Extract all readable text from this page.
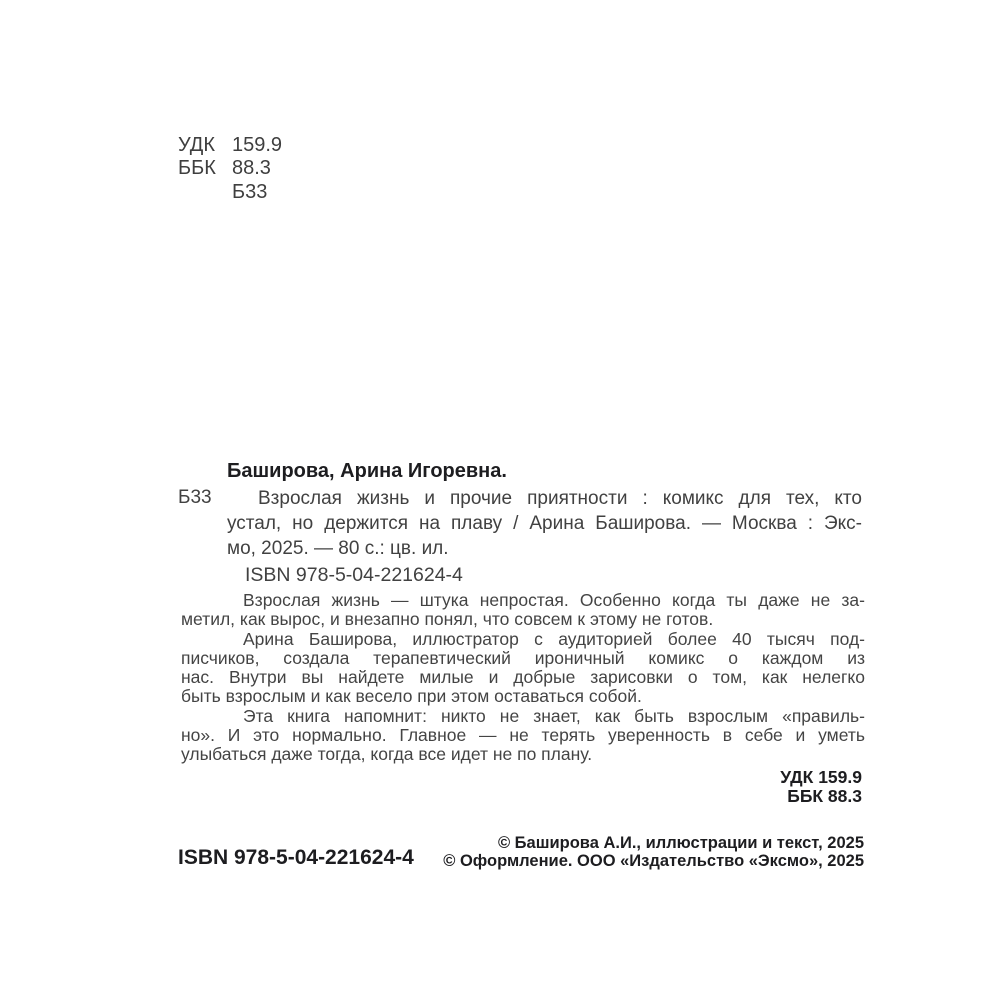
УДК 159.9
ББК 88.3
Б33
Баширова, Арина Игоревна.
Б33	Взрослая жизнь и прочие приятности : комикс для тех, кто
устал, но держится на плаву / Арина Баширова. — Москва : Экс-
мо, 2025. — 80 с.: цв. ил.
ISBN 978-5-04-221624-4
Взрослая жизнь — штука непростая. Особенно когда ты даже не за-
метил, как вырос, и внезапно понял, что совсем к этому не готов.
Арина Баширова, иллюстратор с аудиторией более 40 тысяч под-
писчиков, создала терапевтический ироничный комикс о каждом из
нас. Внутри вы найдете милые и добрые зарисовки о том, как нелегко
быть взрослым и как весело при этом оставаться собой.
Эта книга напомнит: никто не знает, как быть взрослым «правиль-
но». И это нормально. Главное — не терять уверенность в себе и уметь
улыбаться даже тогда, когда все идет не по плану.
УДК 159.9
ББК 88.3
ISBN 978-5-04-221624-4
© Баширова А.И., иллюстрации и текст, 2025
© Оформление. ООО «Издательство «Эксмо», 2025
